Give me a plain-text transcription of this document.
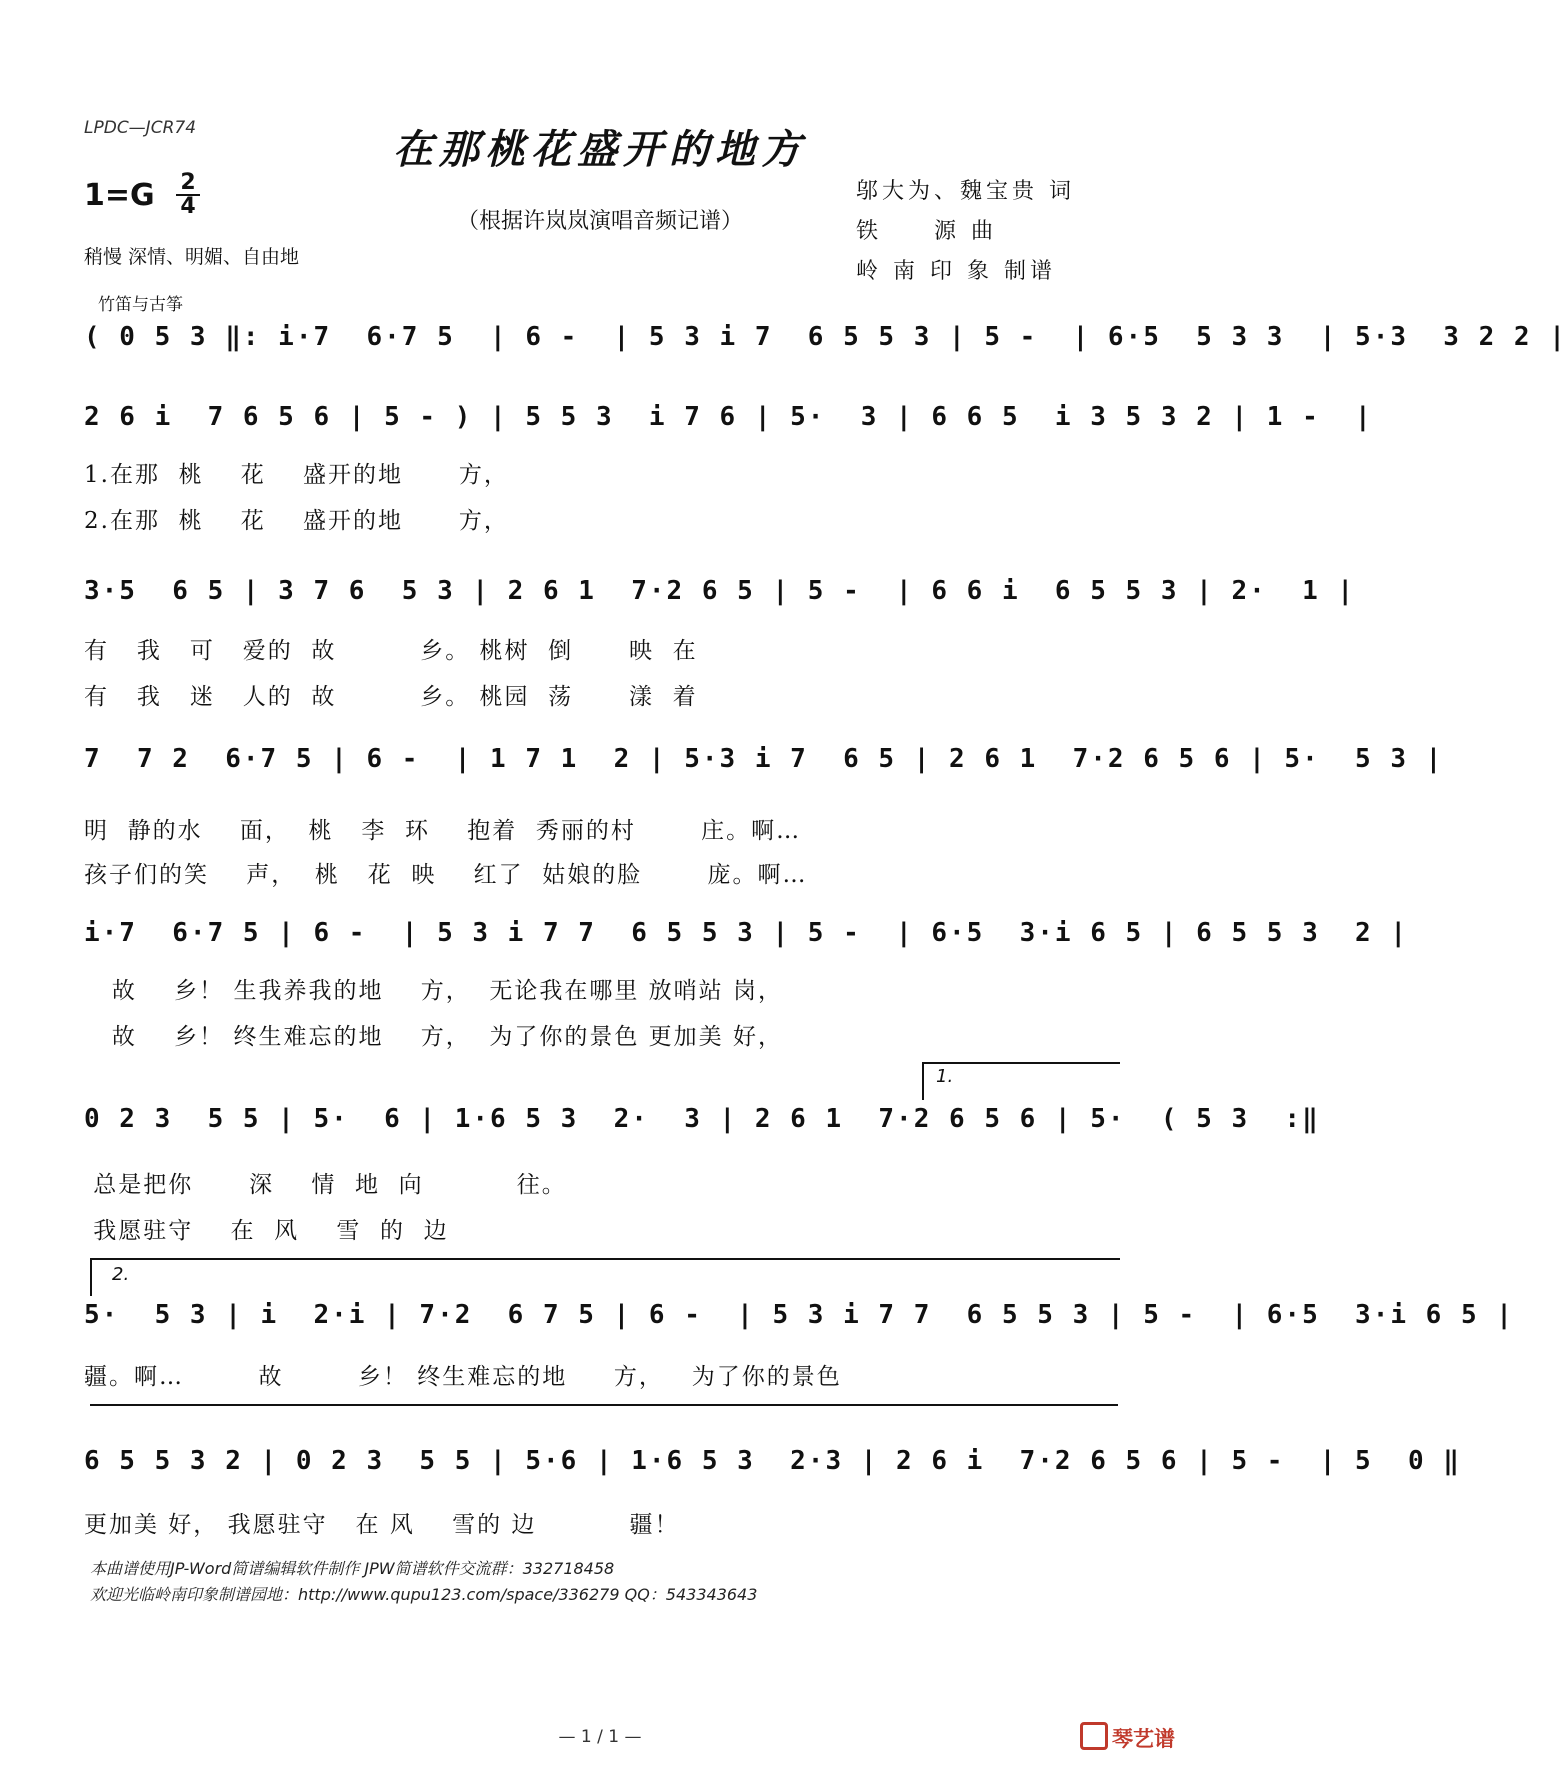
LPDC—JCR74	在那桃花盛开的地方
1=G 2
4
（根据许岚岚演唱音频记谱）
邬大为、魏宝贵 词
铁　　源 曲
岭 南 印 象 制谱
稍慢 深情、明媚、自由地
竹笛与古筝
( 0 5 3 ‖: i·7  6·7 5  | 6 -  | 5 3 i 7  6 5 5 3 | 5 -  | 6·5  5 3 3  | 5·3  3 2 2 |
2 6 i  7 6 5 6 | 5 - ) | 5 5 3  i 7 6 | 5·  3 | 6 6 5  i 3 5 3 2 | 1 -  |
1.在那  桃    花    盛开的地      方，
2.在那  桃    花    盛开的地      方，
3·5  6 5 | 3 7 6  5 3 | 2 6 1  7·2 6 5 | 5 -  | 6 6 i  6 5 5 3 | 2·  1 |
有   我   可   爱的  故         乡。 桃树  倒      映  在
有   我   迷   人的  故         乡。 桃园  荡      漾  着
7  7 2  6·7 5 | 6 -  | 1 7 1  2 | 5·3 i 7  6 5 | 2 6 1  7·2 6 5 6 | 5·  5 3 |
明  静的水    面，  桃   李  环    抱着  秀丽的村       庄。啊…
孩子们的笑    声，  桃   花  映    红了  姑娘的脸       庞。啊…
i·7  6·7 5 | 6 -  | 5 3 i 7 7  6 5 5 3 | 5 -  | 6·5  3·i 6 5 | 6 5 5 3  2 |
故    乡！ 生我养我的地    方，  无论我在哪里 放哨站 岗，
故    乡！ 终生难忘的地    方，  为了你的景色 更加美 好，
1.
0 2 3  5 5 | 5·  6 | 1·6 5 3  2·  3 | 2 6 1  7·2 6 5 6 | 5·  ( 5 3  :‖
总是把你      深    情  地  向          往。
我愿驻守    在  风    雪  的  边
2.
5·  5 3 | i  2·i | 7·2  6 7 5 | 6 -  | 5 3 i 7 7  6 5 5 3 | 5 -  | 6·5  3·i 6 5 |
疆。啊…        故        乡！ 终生难忘的地     方，   为了你的景色
6 5 5 3 2 | 0 2 3  5 5 | 5·6 | 1·6 5 3  2·3 | 2 6 i  7·2 6 5 6 | 5 -  | 5  0 ‖
更加美 好， 我愿驻守   在 风    雪的 边          疆！
本曲谱使用JP-Word简谱编辑软件制作 JPW简谱软件交流群：332718458
欢迎光临岭南印象制谱园地：http://www.qupu123.com/space/336279 QQ：543343643
— 1 / 1 —	琴艺谱
